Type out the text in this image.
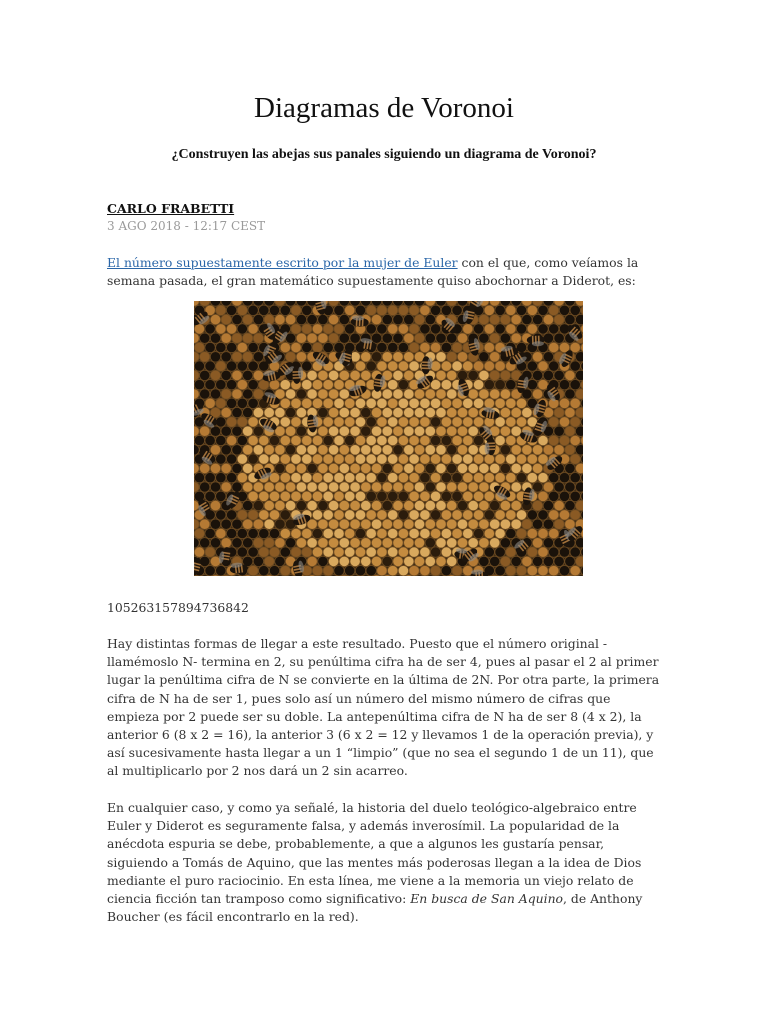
Diagramas de Voronoi

¿Construyen las abejas sus panales siguiendo un diagrama de Voronoi?

CARLO FRABETTI
3 AGO 2018 - 12:17 CEST

El número supuestamente escrito por la mujer de Euler con el que, como veíamos la
semana pasada, el gran matemático supuestamente quiso abochornar a Diderot, es:

105263157894736842

Hay distintas formas de llegar a este resultado. Puesto que el número original -
llamémoslo N- termina en 2, su penúltima cifra ha de ser 4, pues al pasar el 2 al primer
lugar la penúltima cifra de N se convierte en la última de 2N. Por otra parte, la primera
cifra de N ha de ser 1, pues solo así un número del mismo número de cifras que
empieza por 2 puede ser su doble. La antepenúltima cifra de N ha de ser 8 (4 x 2), la
anterior 6 (8 x 2 = 16), la anterior 3 (6 x 2 = 12 y llevamos 1 de la operación previa), y
así sucesivamente hasta llegar a un 1 “limpio” (que no sea el segundo 1 de un 11), que
al multiplicarlo por 2 nos dará un 2 sin acarreo.

En cualquier caso, y como ya señalé, la historia del duelo teológico-algebraico entre
Euler y Diderot es seguramente falsa, y además inverosímil. La popularidad de la
anécdota espuria se debe, probablemente, a que a algunos les gustaría pensar,
siguiendo a Tomás de Aquino, que las mentes más poderosas llegan a la idea de Dios
mediante el puro raciocinio. En esta línea, me viene a la memoria un viejo relato de
ciencia ficción tan tramposo como significativo: En busca de San Aquino, de Anthony
Boucher (es fácil encontrarlo en la red).
